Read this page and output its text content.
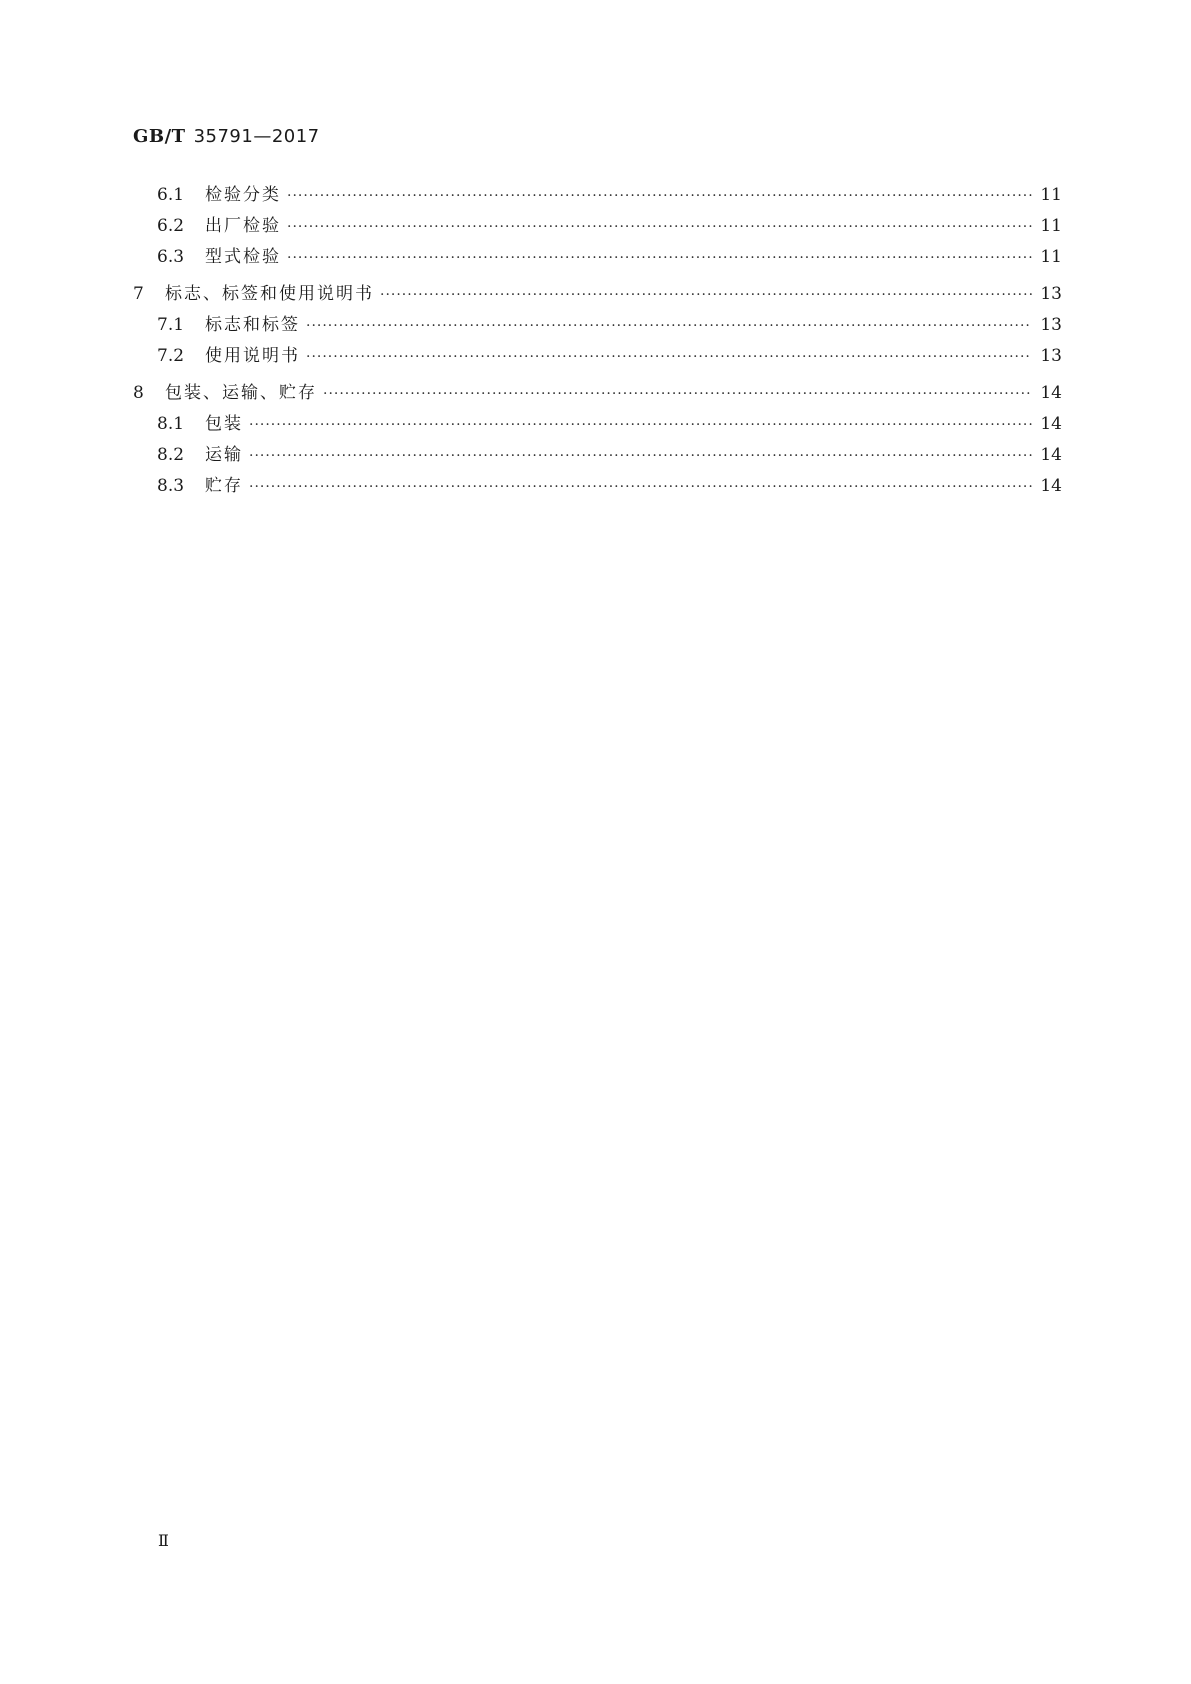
GB/T 35791—2017
6.1	检验分类 ·····	11
6.2	出厂检验 ·····	11
6.3	型式检验 ·····	11
7	标志、标签和使用说明书 ·····	13
7.1	标志和标签 ·····	13
7.2	使用说明书 ·····	13
8	包装、运输、贮存 ·····	14
8.1	包装 ·····	14
8.2	运输 ·····	14
8.3	贮存 ·····	14
Ⅱ
